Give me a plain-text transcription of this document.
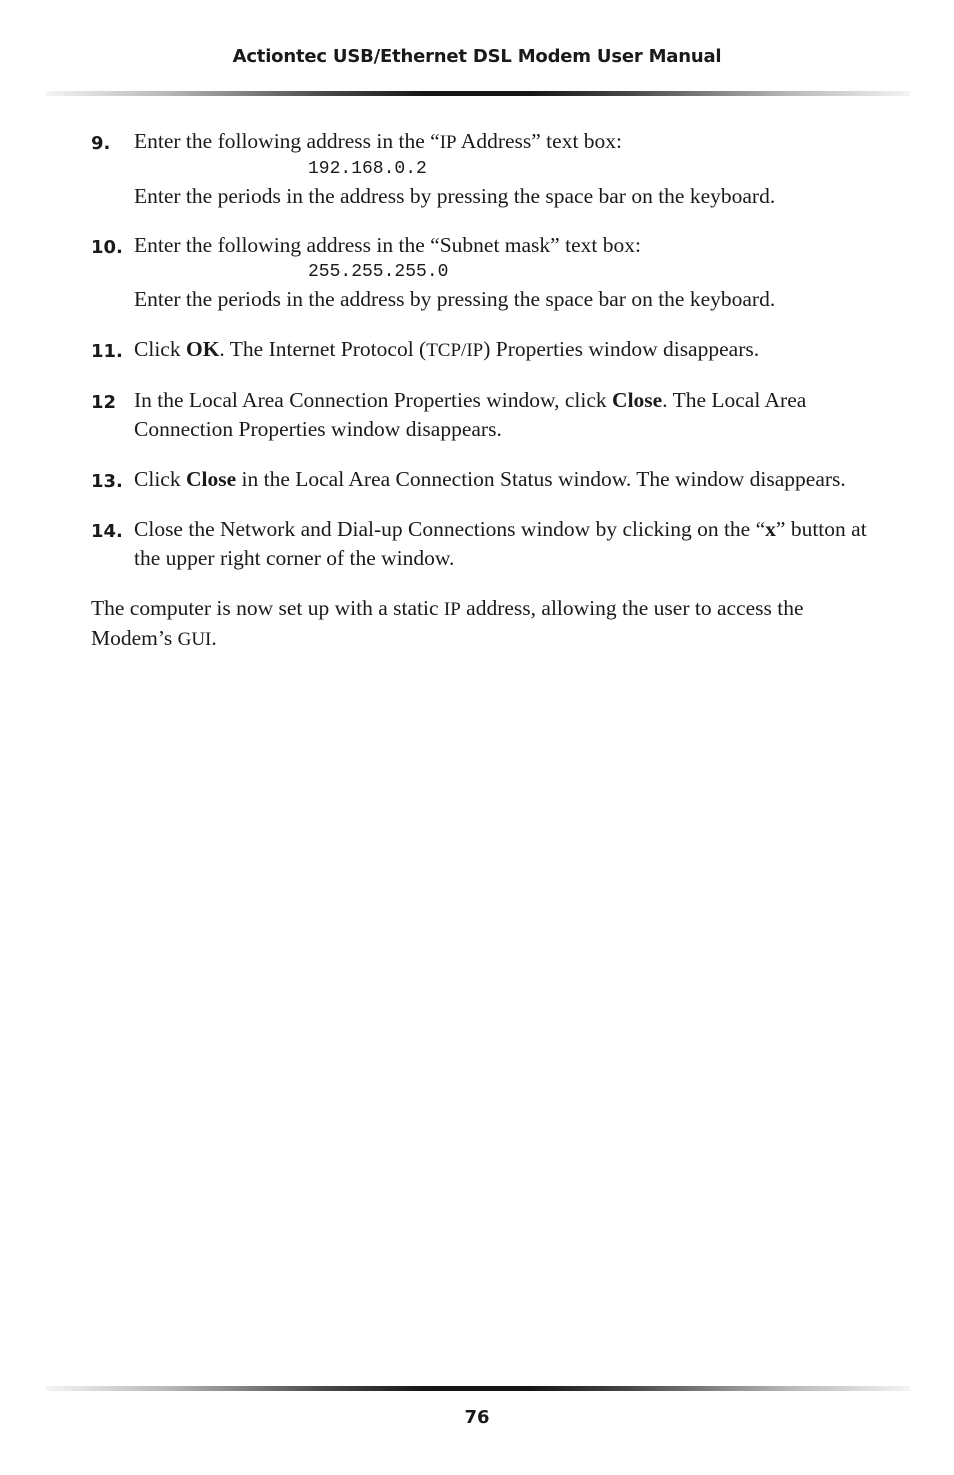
Actiontec USB/Ethernet DSL Modem User Manual
9. Enter the following address in the “IP Address” text box:
192.168.0.2
Enter the periods in the address by pressing the space bar on the keyboard.
10. Enter the following address in the “Subnet mask” text box:
255.255.255.0
Enter the periods in the address by pressing the space bar on the keyboard.
11. Click OK. The Internet Protocol (TCP/IP) Properties window disappears.
12 In the Local Area Connection Properties window, click Close. The Local Area Connection Properties window disappears.
13. Click Close in the Local Area Connection Status window. The window disappears.
14. Close the Network and Dial-up Connections window by clicking on the “x” button at the upper right corner of the window.
The computer is now set up with a static IP address, allowing the user to access the Modem’s GUI.
76
